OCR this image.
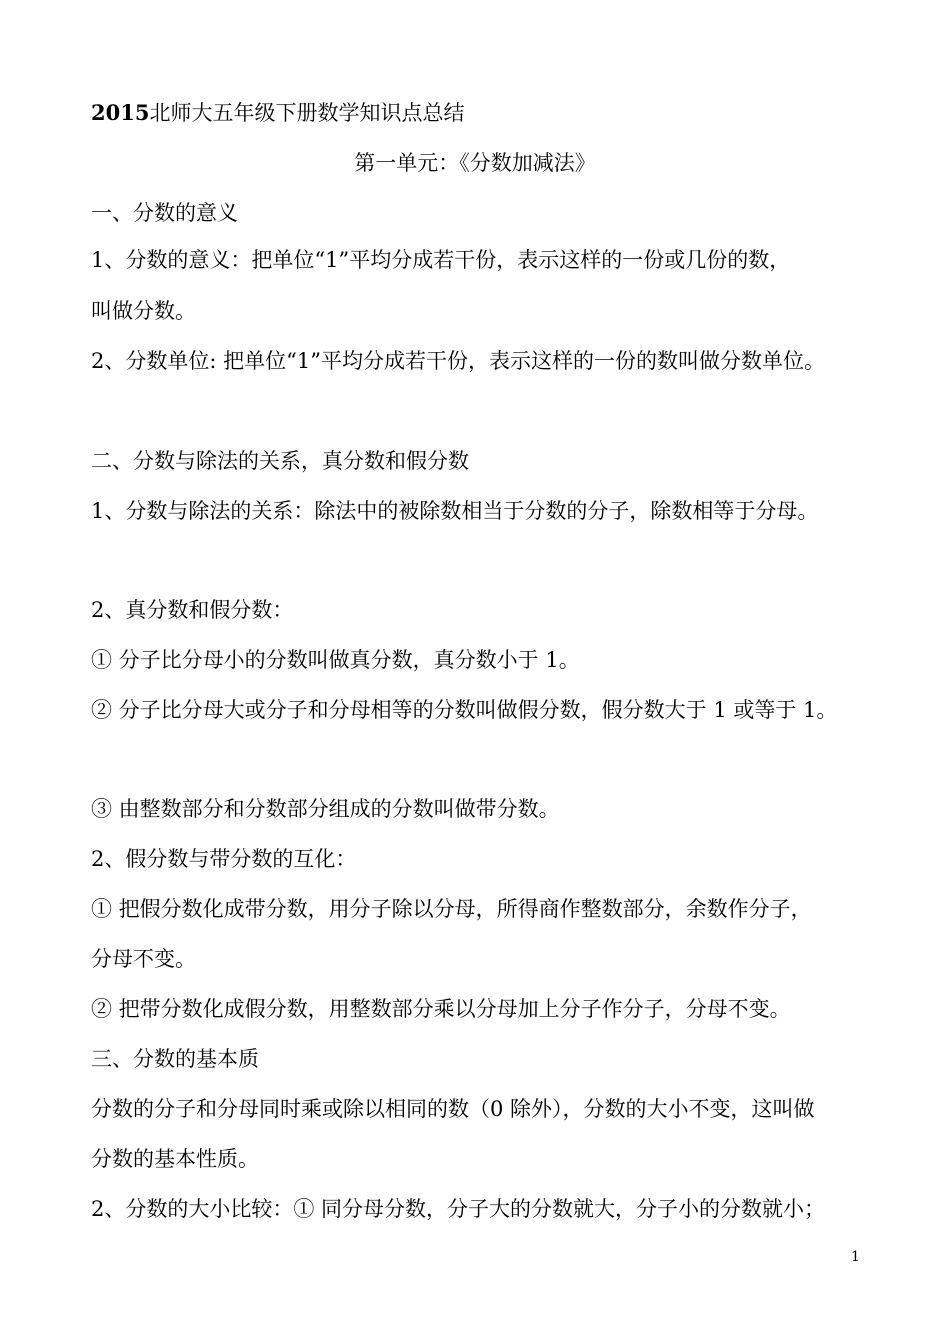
2015北师大五年级下册数学知识点总结
第一单元：《分数加减法》
一、分数的意义
1、分数的意义：把单位“1”平均分成若干份，表示这样的一份或几份的数，
叫做分数。
2、分数单位: 把单位“1”平均分成若干份，表示这样的一份的数叫做分数单位。
二、分数与除法的关系，真分数和假分数
1、分数与除法的关系：除法中的被除数相当于分数的分子，除数相等于分母。
2、真分数和假分数：
① 分子比分母小的分数叫做真分数，真分数小于 1。
② 分子比分母大或分子和分母相等的分数叫做假分数，假分数大于 1 或等于 1。
③ 由整数部分和分数部分组成的分数叫做带分数。
2、假分数与带分数的互化：
① 把假分数化成带分数，用分子除以分母，所得商作整数部分，余数作分子，
分母不变。
② 把带分数化成假分数，用整数部分乘以分母加上分子作分子，分母不变。
三、分数的基本质
分数的分子和分母同时乘或除以相同的数（0 除外），分数的大小不变，这叫做
分数的基本性质。
2、分数的大小比较：① 同分母分数，分子大的分数就大，分子小的分数就小；
1
